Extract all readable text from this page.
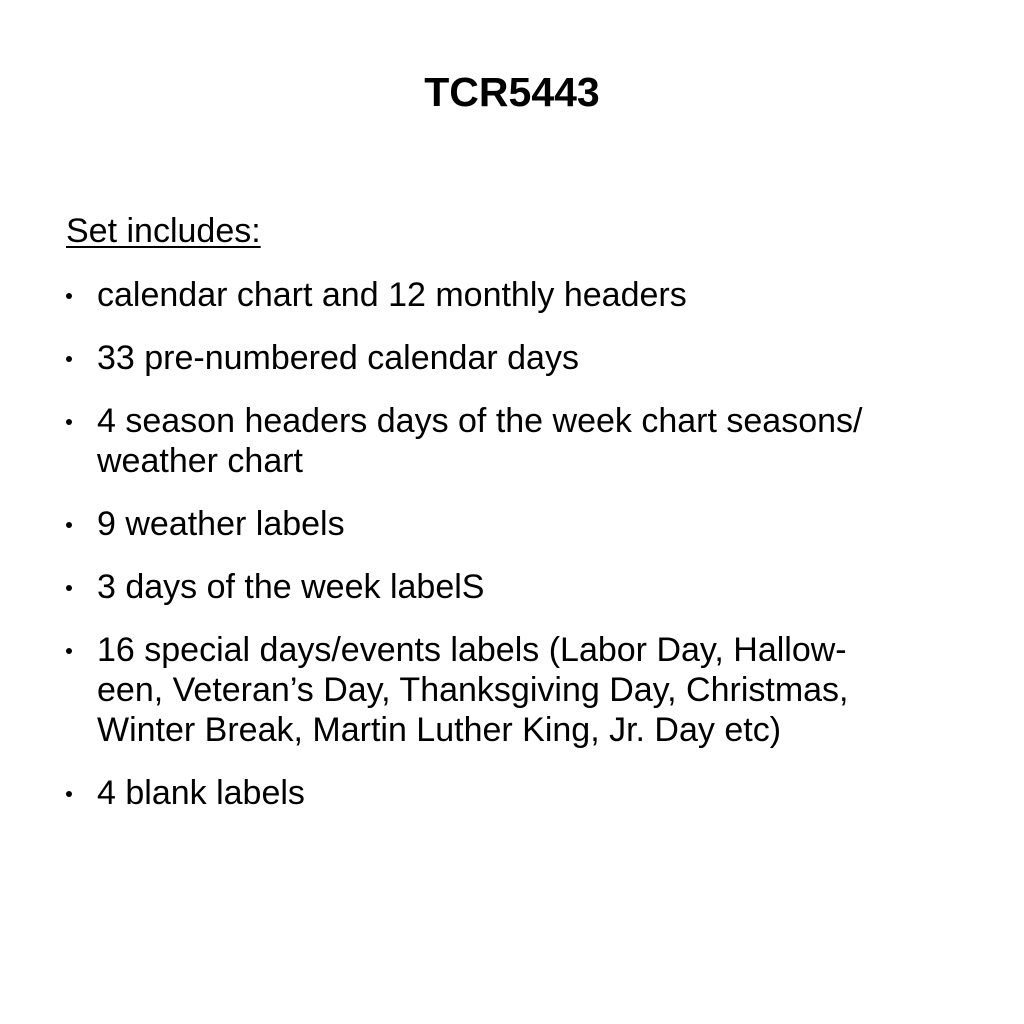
TCR5443

Set includes:

calendar chart and 12 monthly headers
33 pre-numbered calendar days
4 season headers days of the week chart seasons/
weather chart
9 weather labels
3 days of the week labelS
16 special days/events labels (Labor Day, Hallow-
een, Veteran’s Day, Thanksgiving Day, Christmas,
Winter Break, Martin Luther King, Jr. Day etc)
4 blank labels
